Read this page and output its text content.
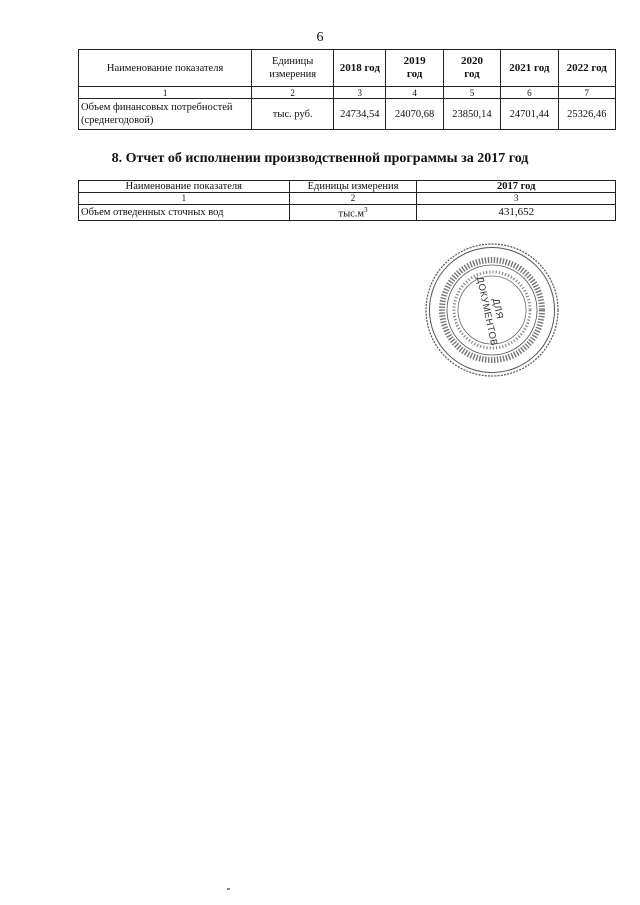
6
Наименование показателя	Единицы измерения	2018 год	2019 год	2020 год	2021 год	2022 год
1	2	3	4	5	6	7
Объем финансовых потребностей (среднегодовой)	тыс. руб.	24734,54	24070,68	23850,14	24701,44	25326,46
8. Отчет об исполнении производственной программы за 2017 год
Наименование показателя	Единицы измерения	2017 год
1	2	3
Объем отведенных сточных вод	$тыс.м^3$	431,652
ДЛЯ ДОКУМЕНТОВ
